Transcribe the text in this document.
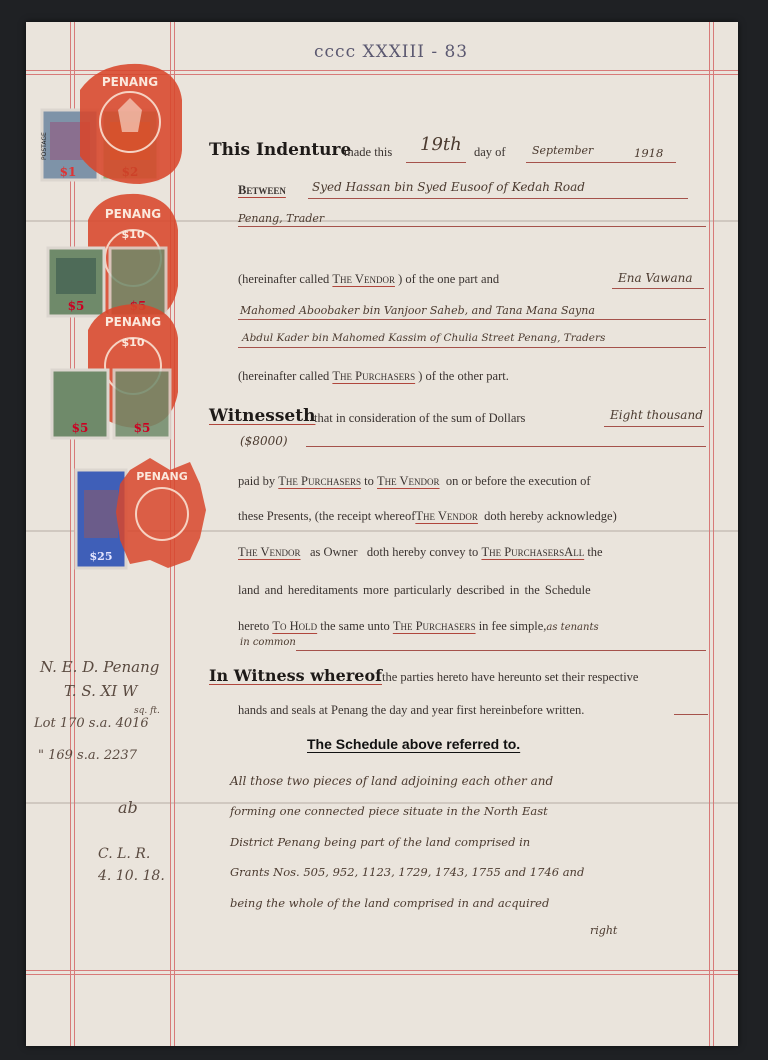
cccc XXXIII - 83
$1
POSTAGE
PENANG
PENANG
$10
$5
PENANG
$10
$5	$5
$25
PENANG
This Indenture
made this 19th day of September	1918
Between Syed Hassan bin Syed Eusoof of Kedah Road
Penang, Trader
(hereinafter called The Vendor ) of the one part and	Ena Vawana
Mahomed Aboobaker bin Vanjoor Saheb, and Tana Mana Sayna
Abdul Kader bin Mahomed Kassim of Chulia Street Penang, Traders
(hereinafter called The Purchasers ) of the other part.
Witnesseth
that in consideration of the sum of Dollars	Eight thousand
($8000)
paid by The Purchasers to The Vendor on or before the execution of
these Presents, (the receipt whereofThe Vendor doth hereby acknowledge)
The Vendor as Owner doth hereby convey to The PurchasersAll the
land and hereditaments more particularly described in the Schedule
hereto To Hold the same unto The Purchasers in fee simple,as tenants
in common
In Witness whereof the parties hereto have hereunto set their respective
hands and seals at Penang the day and year first hereinbefore written.
The Schedule above referred to.
All those two pieces of land adjoining each other and
forming one connected piece situate in the North East
District Penang being part of the land comprised in
Grants Nos. 505, 952, 1123, 1729, 1743, 1755 and 1746 and
being the whole of the land comprised in and acquired
right
N. E. D. Penang
T. S. XI W
sq. ft.
Lot 170 s.a. 4016
" 169 s.a. 2237
ab
C. L. R.
4. 10. 18.
